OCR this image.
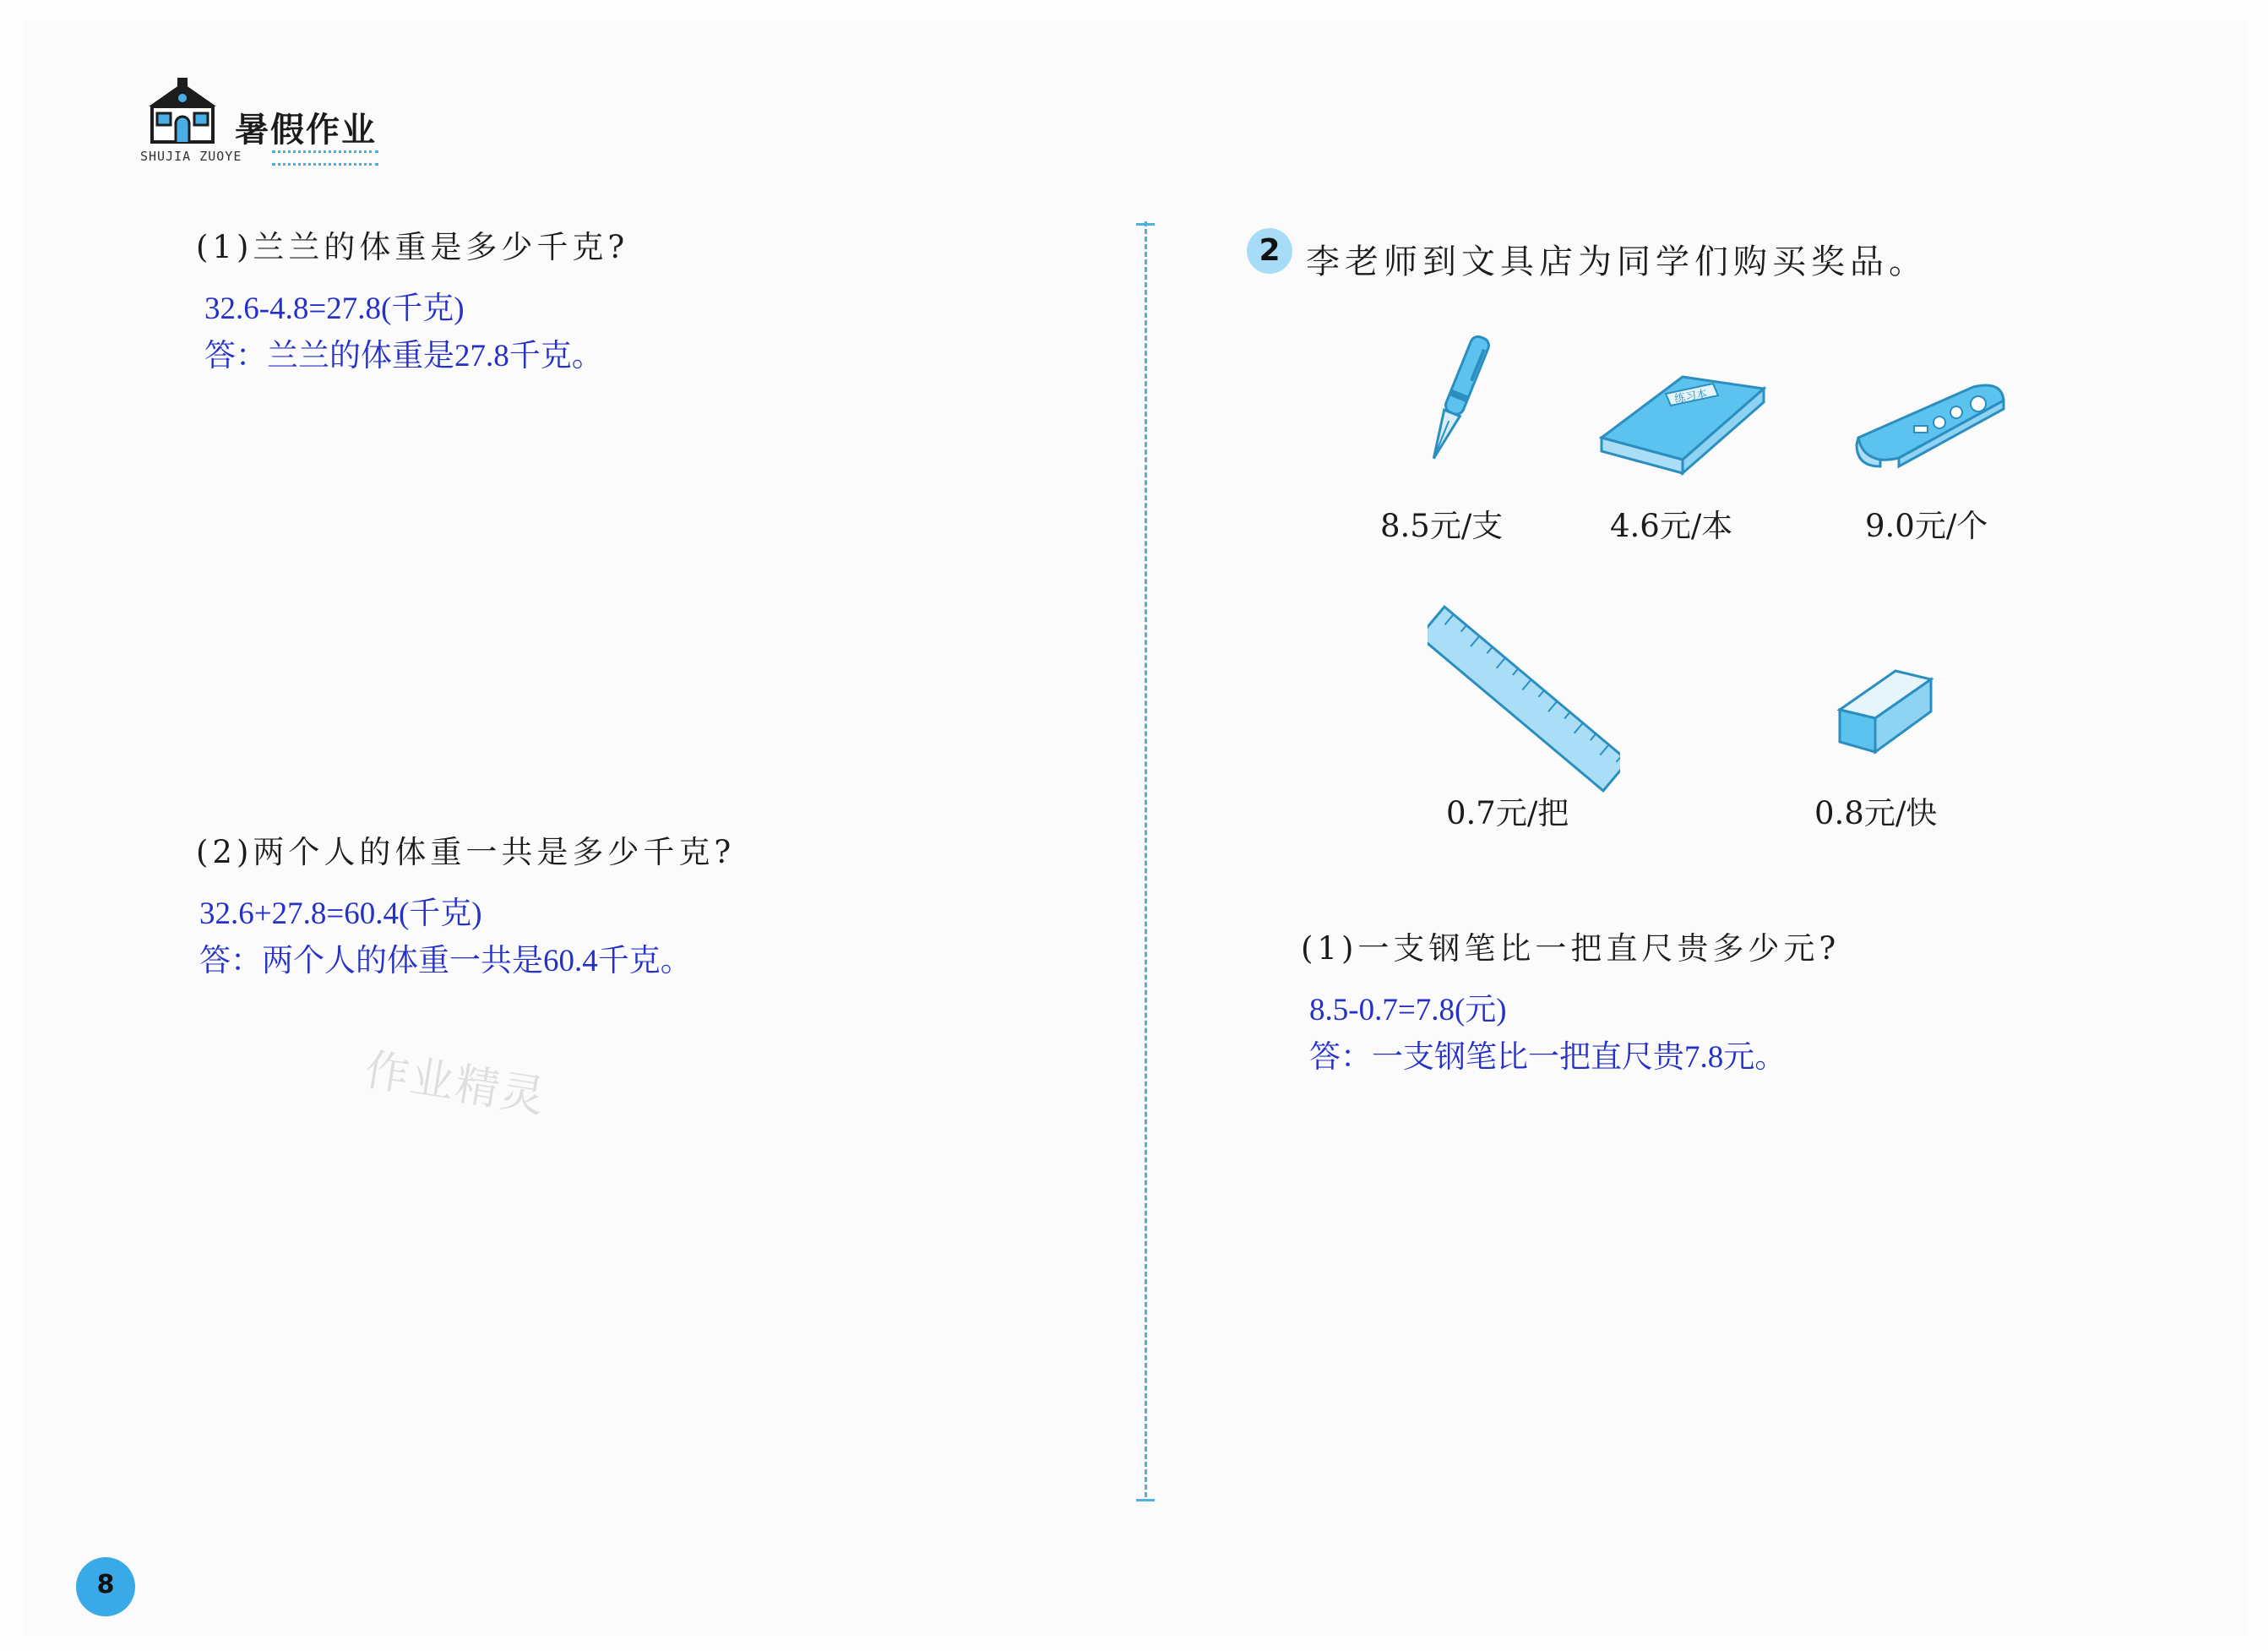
暑假作业
SHUJIA ZUOYE
(1)兰兰的体重是多少千克?
32.6-4.8=27.8(千克)
答：兰兰的体重是27.8千克。
(2)两个人的体重一共是多少千克?
32.6+27.8=60.4(千克)
答：两个人的体重一共是60.4千克。
作业精灵
2 李老师到文具店为同学们购买奖品。
8.5元/支
练习本
4.6元/本	9.0元/个
0.7元/把	0.8元/快
(1)一支钢笔比一把直尺贵多少元?
8.5-0.7=7.8(元)
答：一支钢笔比一把直尺贵7.8元。
8
